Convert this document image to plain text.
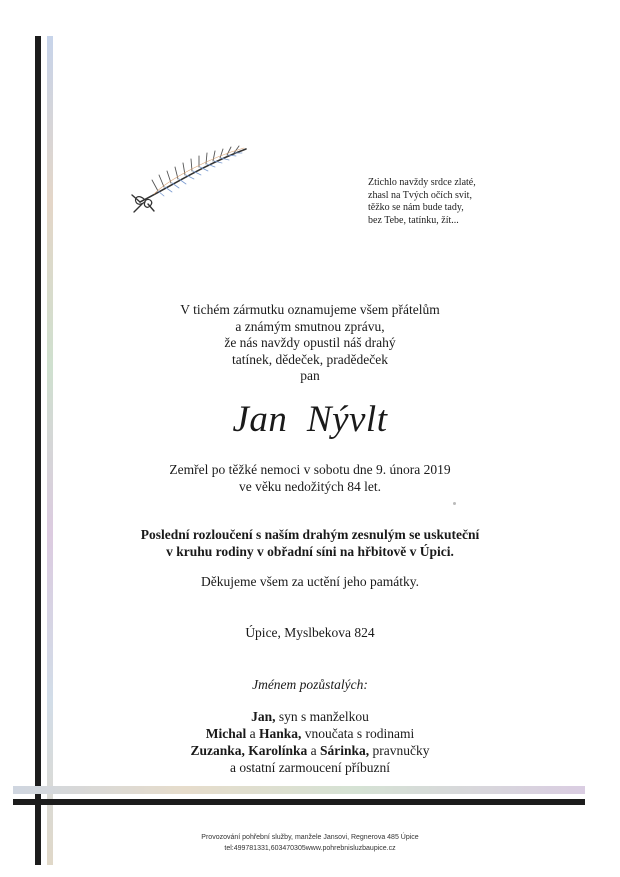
Ztichlo navždy srdce zlaté,
zhasl na Tvých očích svit,
těžko se nám bude tady,
bez Tebe, tatínku, žít...
V tichém zármutku oznamujeme všem přátelům
a známým smutnou zprávu,
že nás navždy opustil náš drahý
tatínek, dědeček, pradědeček
pan
Jan  Nývlt
Zemřel po těžké nemoci v sobotu dne 9. února 2019
ve věku nedožitých 84 let.
Poslední rozloučení s naším drahým zesnulým se uskuteční
v kruhu rodiny v obřadní síni na hřbitově v Úpici.
Děkujeme všem za uctění jeho památky.
Úpice, Myslbekova 824
Jménem pozůstalých:
Jan, syn s manželkou
Michal a Hanka, vnoučata s rodinami
Zuzanka, Karolínka a Sárinka, pravnučky
a ostatní zarmoucení příbuzní
Provozování pohřební služby, manžele Jansovi, Regnerova 485 Úpice
tel:499781331,603470305www.pohrebnisluzbaupice.cz
